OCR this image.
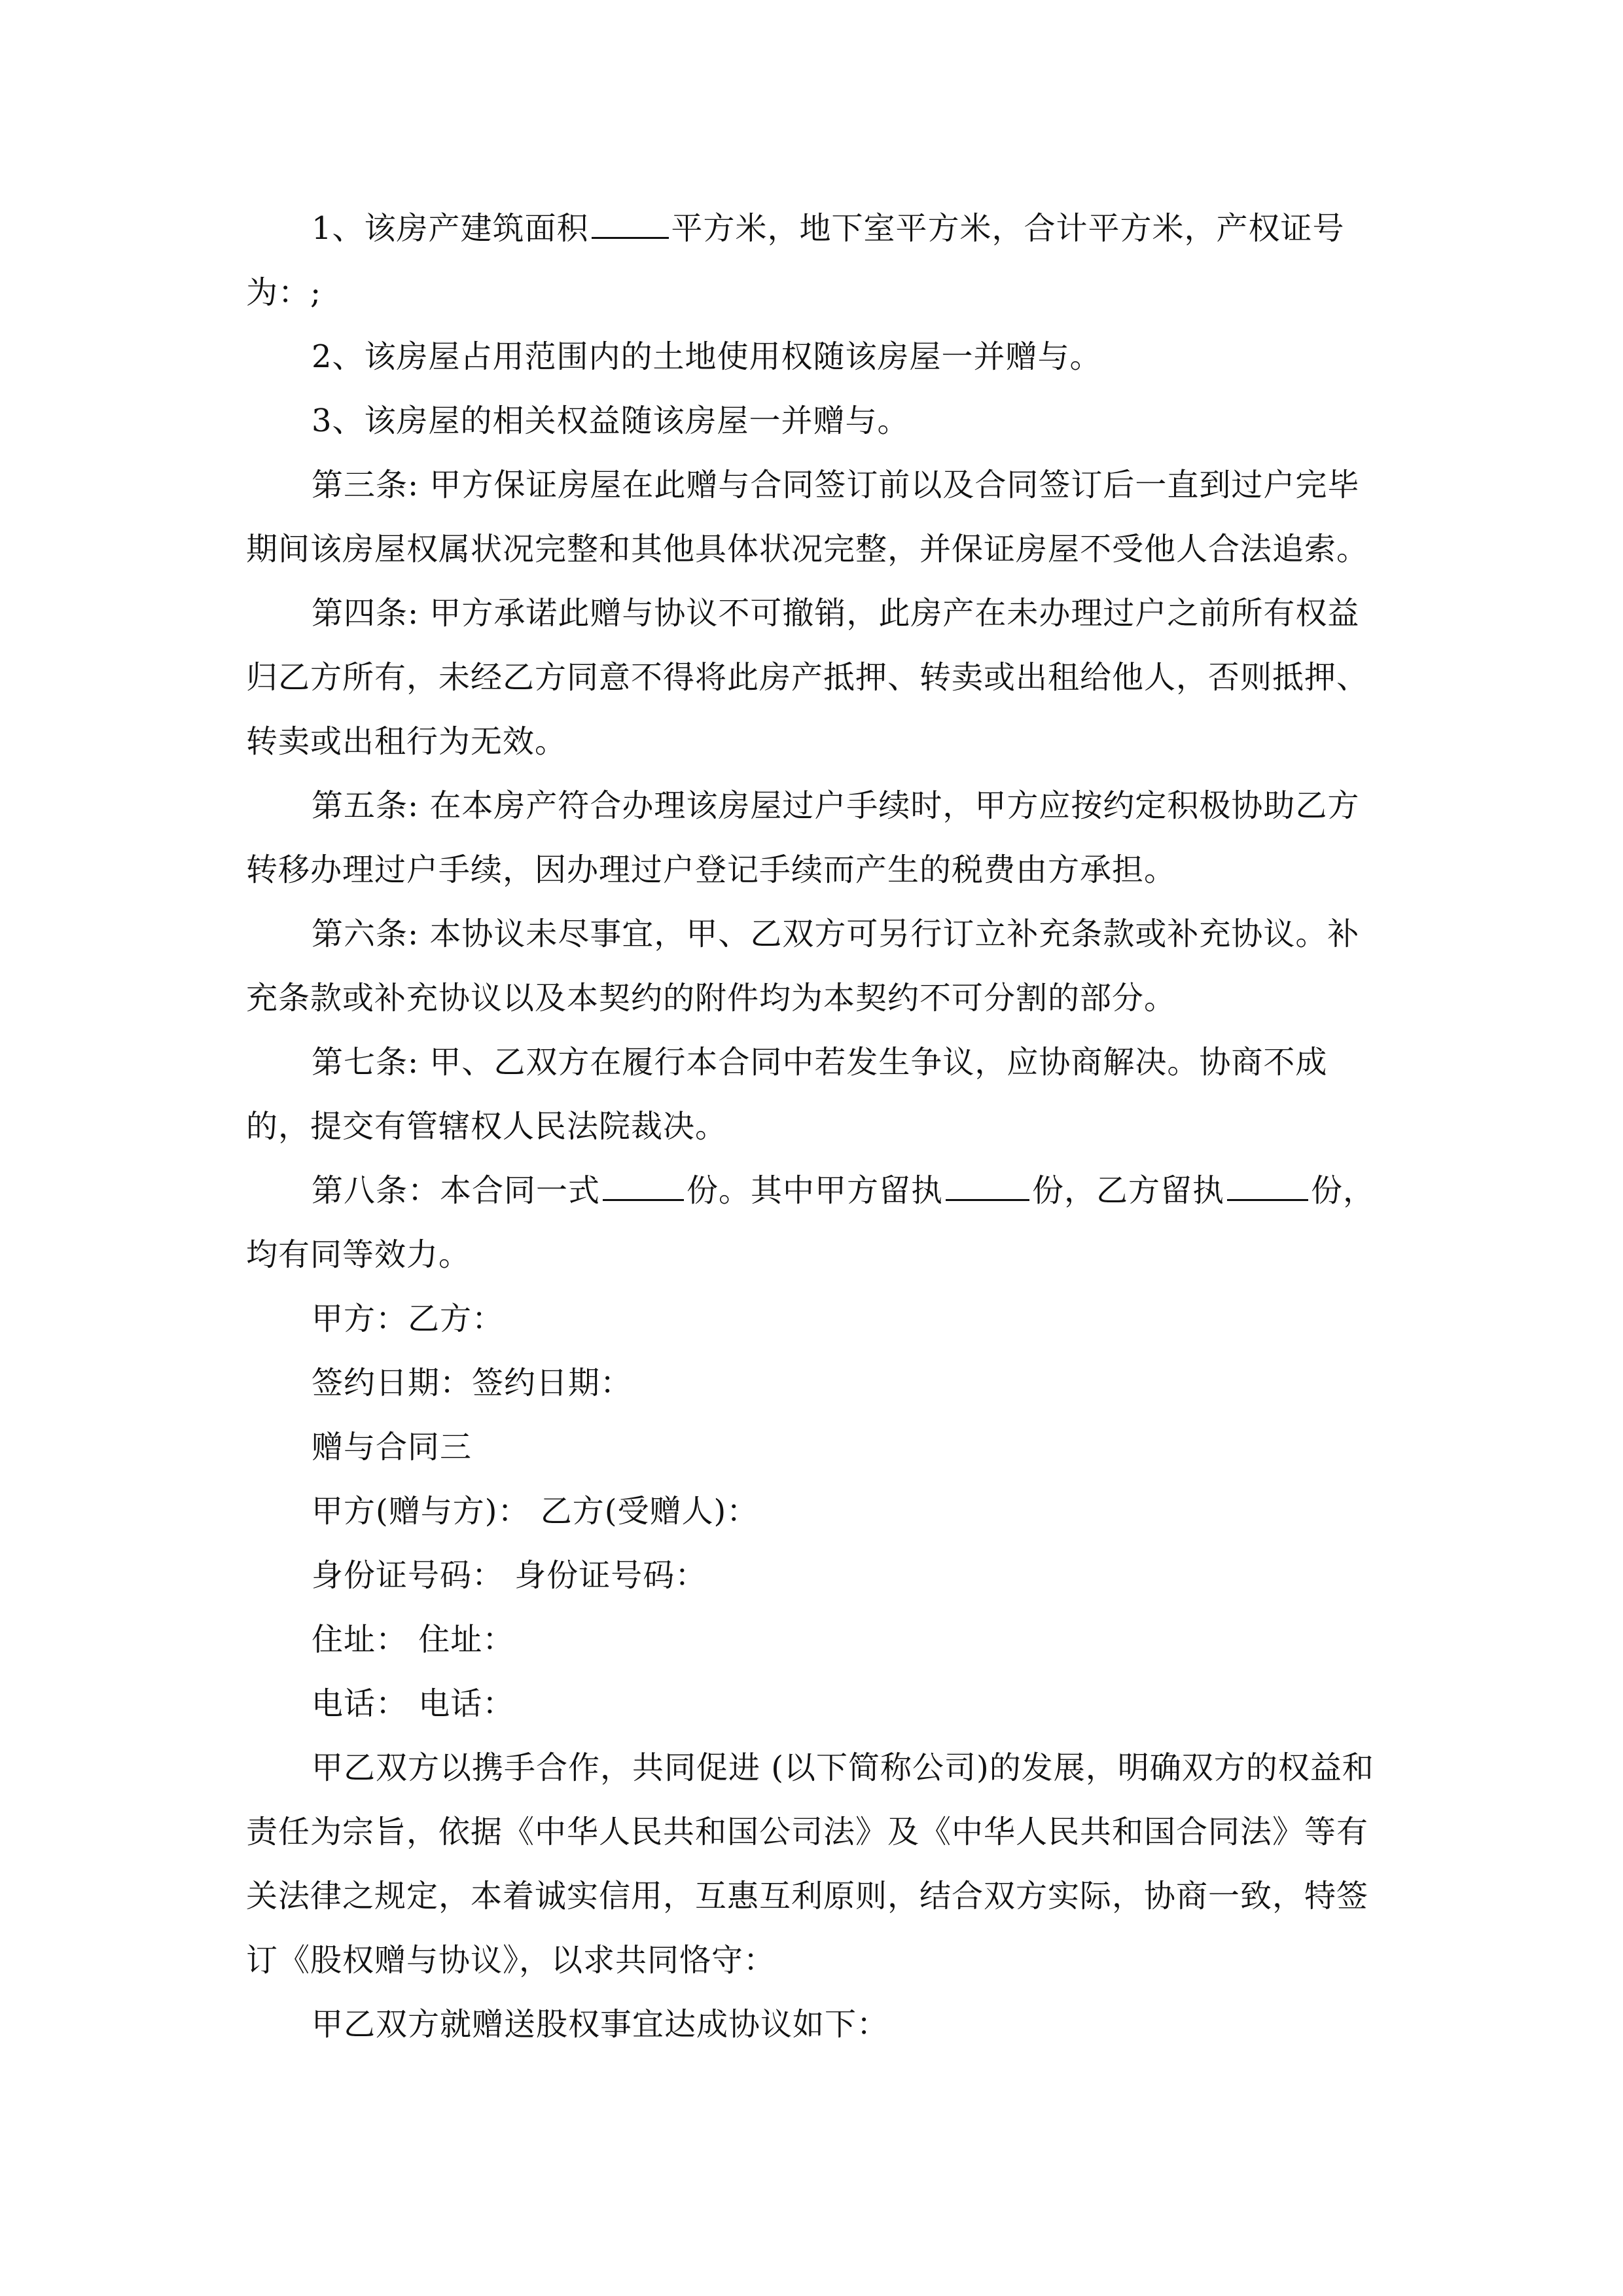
1、该房产建筑面积	平方米，地下室平方米，合计平方米，产权证号为：;

2、该房屋占用范围内的土地使用权随该房屋一并赠与。

3、该房屋的相关权益随该房屋一并赠与。

第三条: 甲方保证房屋在此赠与合同签订前以及合同签订后一直到过户完毕期间该房屋权属状况完整和其他具体状况完整，并保证房屋不受他人合法追索。

第四条: 甲方承诺此赠与协议不可撤销，此房产在未办理过户之前所有权益归乙方所有，未经乙方同意不得将此房产抵押、转卖或出租给他人，否则抵押、转卖或出租行为无效。

第五条: 在本房产符合办理该房屋过户手续时，甲方应按约定积极协助乙方转移办理过户手续，因办理过户登记手续而产生的税费由方承担。

第六条: 本协议未尽事宜，甲、乙双方可另行订立补充条款或补充协议。补充条款或补充协议以及本契约的附件均为本契约不可分割的部分。

第七条: 甲、乙双方在履行本合同中若发生争议，应协商解决。协商不成的，提交有管辖权人民法院裁决。

第八条：本合同一式	份。其中甲方留执	份，乙方留执	份，均有同等效力。

甲方：乙方：

签约日期：签约日期：

赠与合同三

甲方(赠与方)： 乙方(受赠人)：

身份证号码： 身份证号码：

住址： 住址：

电话： 电话：

甲乙双方以携手合作，共同促进 (以下简称公司)的发展，明确双方的权益和责任为宗旨，依据《中华人民共和国公司法》及《中华人民共和国合同法》等有关法律之规定，本着诚实信用，互惠互利原则，结合双方实际，协商一致，特签订《股权赠与协议》，以求共同恪守：

甲乙双方就赠送股权事宜达成协议如下：
